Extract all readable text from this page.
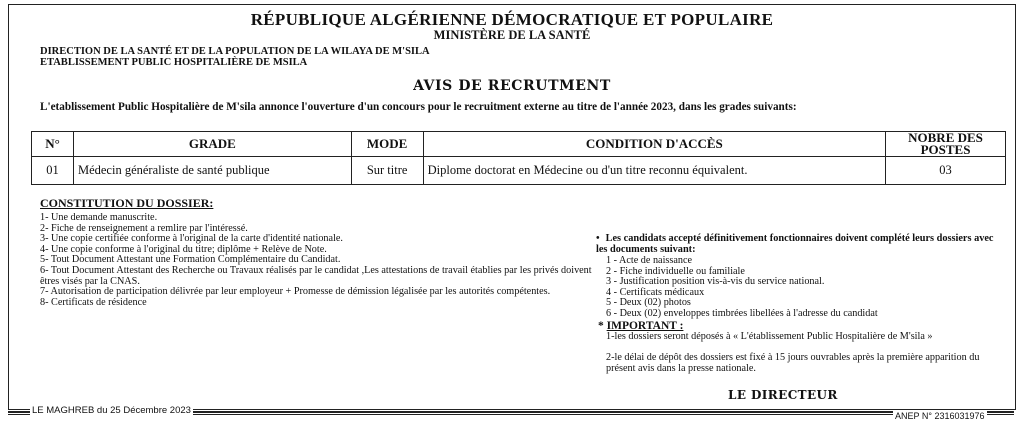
RÉPUBLIQUE ALGÉRIENNE DÉMOCRATIQUE ET POPULAIRE
MINISTÈRE DE LA SANTÉ
DIRECTION DE LA SANTÉ ET DE LA POPULATION DE LA WILAYA DE M'SILA
ETABLISSEMENT PUBLIC HOSPITALIÈRE DE MSILA
AVIS DE RECRUTMENT
L'etablissement Public Hospitalière de M'sila annonce l'ouverture d'un concours pour le recruitment externe au titre de l'année 2023, dans les grades suivants:
N°	GRADE	MODE	CONDITION D'ACCÈS	NOBRE DES POSTES
01	Médecin généraliste de santé publique	Sur titre	Diplome doctorat en Médecine ou d'un titre reconnu équivalent.	03
CONSTITUTION DU DOSSIER:
1- Une demande manuscrite.
2- Fiche de renseignement a remlire par l'intéressé.
3- Une copie certifiée conforme à l'original de la carte d'identité nationale.
4- Une copie conforme à l'original du titre; diplôme + Relève de Note.
5- Tout Document Attestant une Formation Complémentaire du Candidat.
6- Tout Document Attestant des Recherche ou Travaux réalisés par le candidat ,Les attestations de travail établies par les privés doivent êtres visés par la CNAS.
7- Autorisation de participation délivrée par leur employeur + Promesse de démission légalisée par les autorités compétentes.
8- Certificats de résidence
• Les candidats accepté définitivement fonctionnaires doivent complété leurs dossiers avec les documents suivant:
1 - Acte de naissance
2 - Fiche individuelle ou familiale
3 - Justification position vis-à-vis du service national.
4 - Certificats médicaux
5 - Deux (02) photos
6 - Deux (02) enveloppes timbrées libellées à l'adresse du candidat
* IMPORTANT :
1-les dossiers seront déposés à « L'établissement Public Hospitalière de M'sila »
2-le délai de dépôt des dossiers est fixé à 15 jours ouvrables après la première apparition du présent avis dans la presse nationale.
LE DIRECTEUR
LE MAGHREB du 25 Décembre 2023	ANEP N° 2316031976
